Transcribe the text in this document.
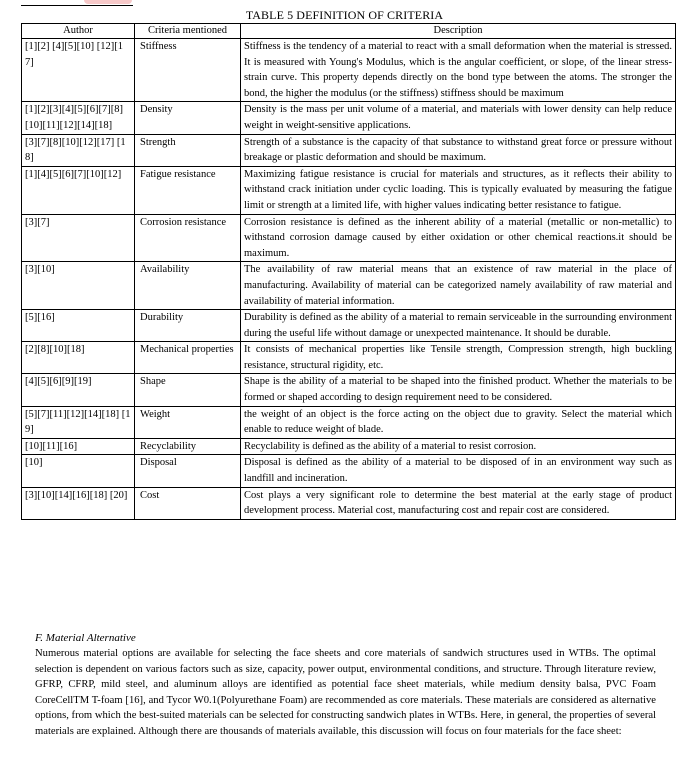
TABLE 5 DEFINITION OF CRITERIA
Author	Criteria mentioned	Description
[1][2] [4][5][10] [12][17]	Stiffness	Stiffness is the tendency of a material to react with a small deformation when the material is stressed. It is measured with Young's Modulus, which is the angular coefficient, or slope, of the linear stress-strain curve. This property depends directly on the bond type between the atoms. The stronger the bond, the higher the modulus (or the stiffness) stiffness should be maximum
[1][2][3][4][5][6][7][8][10][11][12][14][18]	Density	Density is the mass per unit volume of a material, and materials with lower density can help reduce weight in weight-sensitive applications.
[3][7][8][10][12][17] [18]	Strength	Strength of a substance is the capacity of that substance to withstand great force or pressure without breakage or plastic deformation and should be maximum.
[1][4][5][6][7][10][12]	Fatigue resistance	Maximizing fatigue resistance is crucial for materials and structures, as it reflects their ability to withstand crack initiation under cyclic loading. This is typically evaluated by measuring the fatigue limit or strength at a limited life, with higher values indicating better resistance to fatigue.
[3][7]	Corrosion resistance	Corrosion resistance is defined as the inherent ability of a material (metallic or non-metallic) to withstand corrosion damage caused by either oxidation or other chemical reactions.it should be maximum.
[3][10]	Availability	The availability of raw material means that an existence of raw material in the place of manufacturing. Availability of material can be categorized namely availability of raw material and availability of material information.
[5][16]	Durability	Durability is defined as the ability of a material to remain serviceable in the surrounding environment during the useful life without damage or unexpected maintenance. It should be durable.
[2][8][10][18]	Mechanical properties	It consists of mechanical properties like Tensile strength, Compression strength, high buckling resistance, structural rigidity, etc.
[4][5][6][9][19]	Shape	Shape is the ability of a material to be shaped into the finished product. Whether the materials to be formed or shaped according to design requirement need to be considered.
[5][7][11][12][14][18] [19]	Weight	the weight of an object is the force acting on the object due to gravity. Select the material which enable to reduce weight of blade.
[10][11][16]	Recyclability	Recyclability is defined as the ability of a material to resist corrosion.
[10]	Disposal	Disposal is defined as the ability of a material to be disposed of in an environment way such as landfill and incineration.
[3][10][14][16][18] [20]	Cost	Cost plays a very significant role to determine the best material at the early stage of product development process. Material cost, manufacturing cost and repair cost are considered.
F. Material Alternative
Numerous material options are available for selecting the face sheets and core materials of sandwich structures used in WTBs. The optimal selection is dependent on various factors such as size, capacity, power output, environmental conditions, and structure. Through literature review, GFRP, CFRP, mild steel, and aluminum alloys are identified as potential face sheet materials, while medium density balsa, PVC Foam CoreCellTM T-foam [16], and Tycor W0.1(Polyurethane Foam) are recommended as core materials. These materials are considered as alternative options, from which the best-suited materials can be selected for constructing sandwich plates in WTBs. Here, in general, the properties of several materials are explained. Although there are thousands of materials available, this discussion will focus on four materials for the face sheet:
